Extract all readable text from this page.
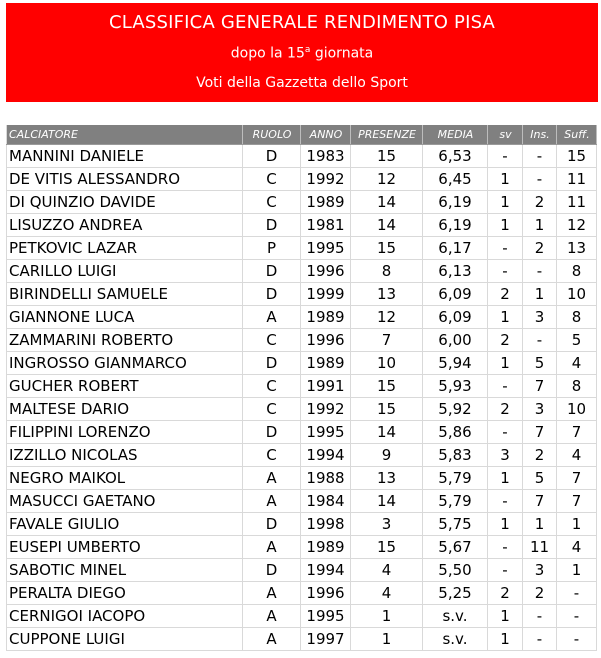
CLASSIFICA GENERALE RENDIMENTO PISA
dopo la 15$^a$ giornata
Voti della Gazzetta dello Sport
CALCIATORE	RUOLO	ANNO	PRESENZE	MEDIA	sv	Ins.	Suff.
MANNINI DANIELE	D	1983	15	6,53	-	-	15
DE VITIS ALESSANDRO	C	1992	12	6,45	1	-	11
DI QUINZIO DAVIDE	C	1989	14	6,19	1	2	11
LISUZZO ANDREA	D	1981	14	6,19	1	1	12
PETKOVIC LAZAR	P	1995	15	6,17	-	2	13
CARILLO LUIGI	D	1996	8	6,13	-	-	8
BIRINDELLI SAMUELE	D	1999	13	6,09	2	1	10
GIANNONE LUCA	A	1989	12	6,09	1	3	8
ZAMMARINI ROBERTO	C	1996	7	6,00	2	-	5
INGROSSO GIANMARCO	D	1989	10	5,94	1	5	4
GUCHER ROBERT	C	1991	15	5,93	-	7	8
MALTESE DARIO	C	1992	15	5,92	2	3	10
FILIPPINI LORENZO	D	1995	14	5,86	-	7	7
IZZILLO NICOLAS	C	1994	9	5,83	3	2	4
NEGRO MAIKOL	A	1988	13	5,79	1	5	7
MASUCCI GAETANO	A	1984	14	5,79	-	7	7
FAVALE GIULIO	D	1998	3	5,75	1	1	1
EUSEPI UMBERTO	A	1989	15	5,67	-	11	4
SABOTIC MINEL	D	1994	4	5,50	-	3	1
PERALTA DIEGO	A	1996	4	5,25	2	2	-
CERNIGOI IACOPO	A	1995	1	s.v.	1	-	-
CUPPONE LUIGI	A	1997	1	s.v.	1	-	-
